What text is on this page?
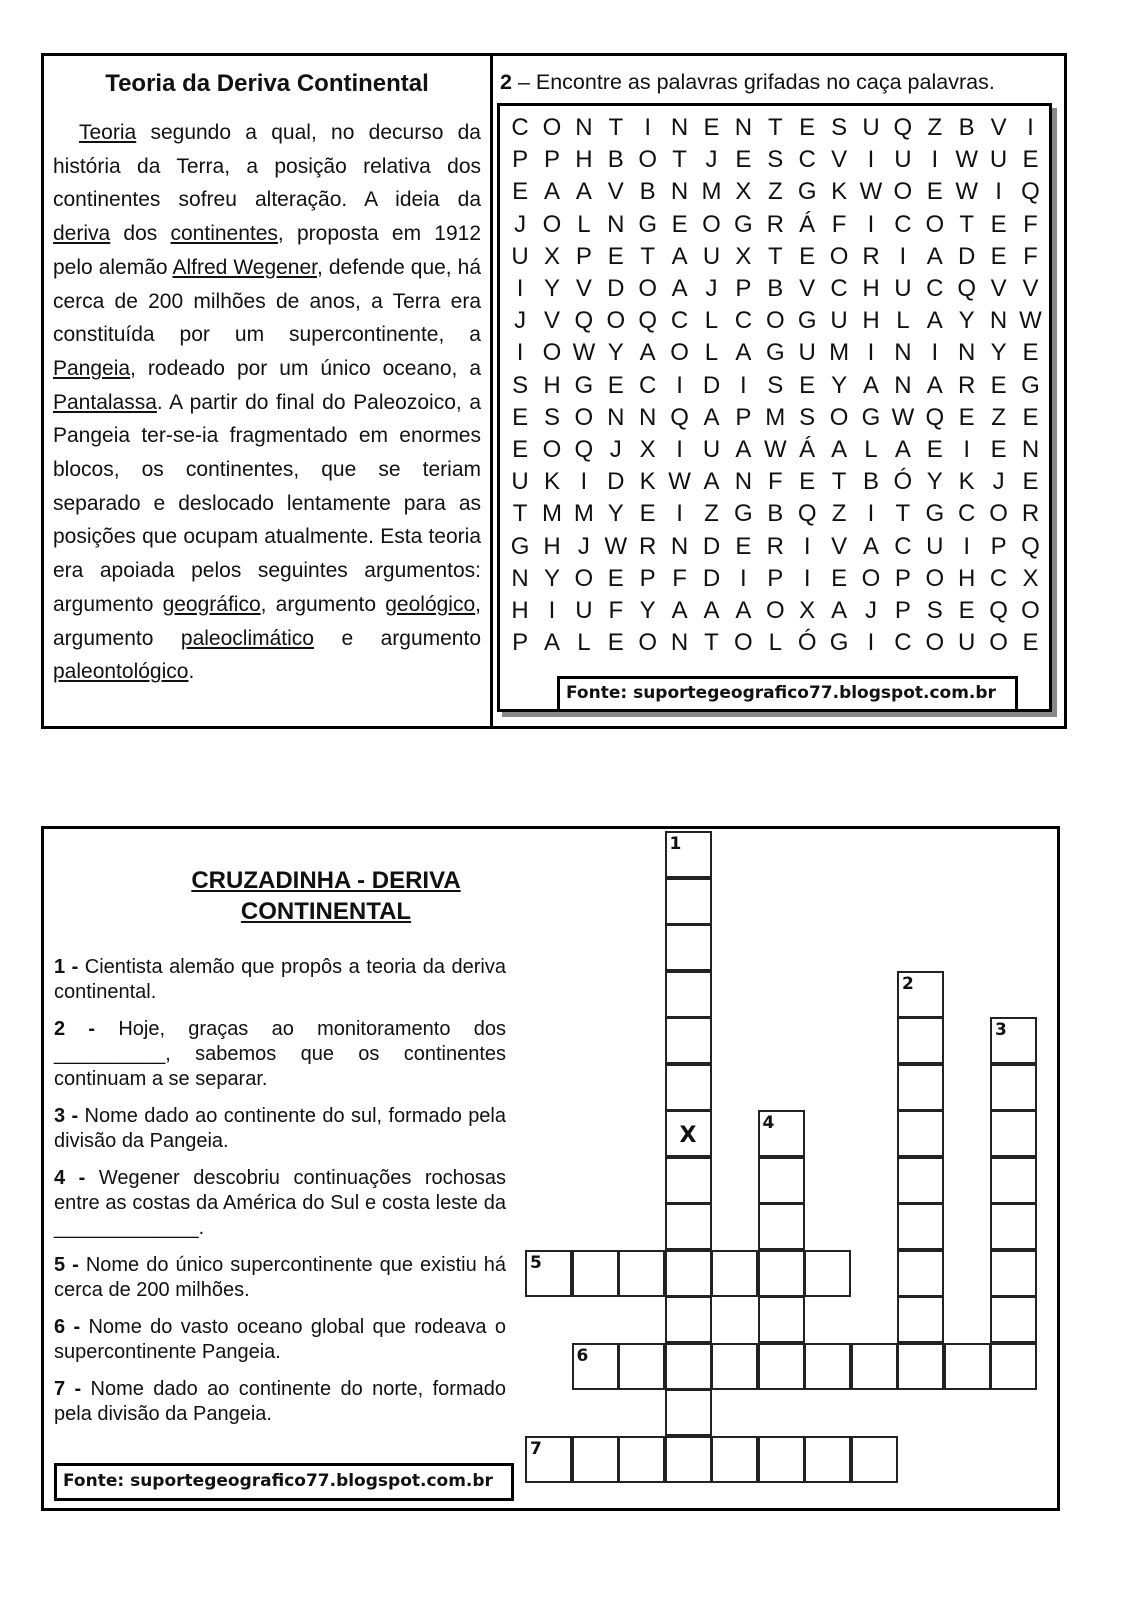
Teoria da Deriva Continental

Teoria segundo a qual, no decurso da história da Terra, a posição relativa dos continentes sofreu alteração. A ideia da deriva dos continentes, proposta em 1912 pelo alemão Alfred Wegener, defende que, há cerca de 200 milhões de anos, a Terra era constituída por um supercontinente, a Pangeia, rodeado por um único oceano, a Pantalassa. A partir do final do Paleozoico, a Pangeia ter-se-ia fragmentado em enormes blocos, os continentes, que se teriam separado e deslocado lentamente para as posições que ocupam atualmente. Esta teoria era apoiada pelos seguintes argumentos: argumento geográfico, argumento geológico, argumento paleoclimático e argumento paleontológico.

2 – Encontre as palavras grifadas no caça palavras.
C O N T I N E N T E S U Q Z B V I
P P H B O T J E S C V I U I W U E
E A A V B N M X Z G K W O E W I Q
J O L N G E O G R Á F I C O T E F
U X P E T A U X T E O R I A D E F
I Y V D O A J P B V C H U C Q V V
J V Q O Q C L C O G U H L A Y N W
I O W Y A O L A G U M I N I N Y E
S H G E C I D I S E Y A N A R E G
E S O N N Q A P M S O G W Q E Z E
E O Q J X I U A W Á A L A E I E N
U K I D K W A N F E T B Ó Y K J E
T M M Y E I Z G B Q Z I T G C O R
G H J W R N D E R I V A C U I P Q
N Y O E P F D I P I E O P O H C X
H I U F Y A A A O X A J P S E Q O
P A L E O N T O L Ó G I C O U O E
Fonte: suportegeografico77.blogspot.com.br
CRUZADINHA - DERIVA CONTINENTAL
1 - Cientista alemão que propôs a teoria da deriva continental.
2 - Hoje, graças ao monitoramento dos __________, sabemos que os continentes continuam a se separar.
3 - Nome dado ao continente do sul, formado pela divisão da Pangeia.
4 - Wegener descobriu continuações rochosas entre as costas da América do Sul e costa leste da _____________.
5 - Nome do único supercontinente que existiu há cerca de 200 milhões.
6 - Nome do vasto oceano global que rodeava o supercontinente Pangeia.
7 - Nome dado ao continente do norte, formado pela divisão da Pangeia.
Fonte: suportegeografico77.blogspot.com.br
1
X
2
3
4
5
6
7
